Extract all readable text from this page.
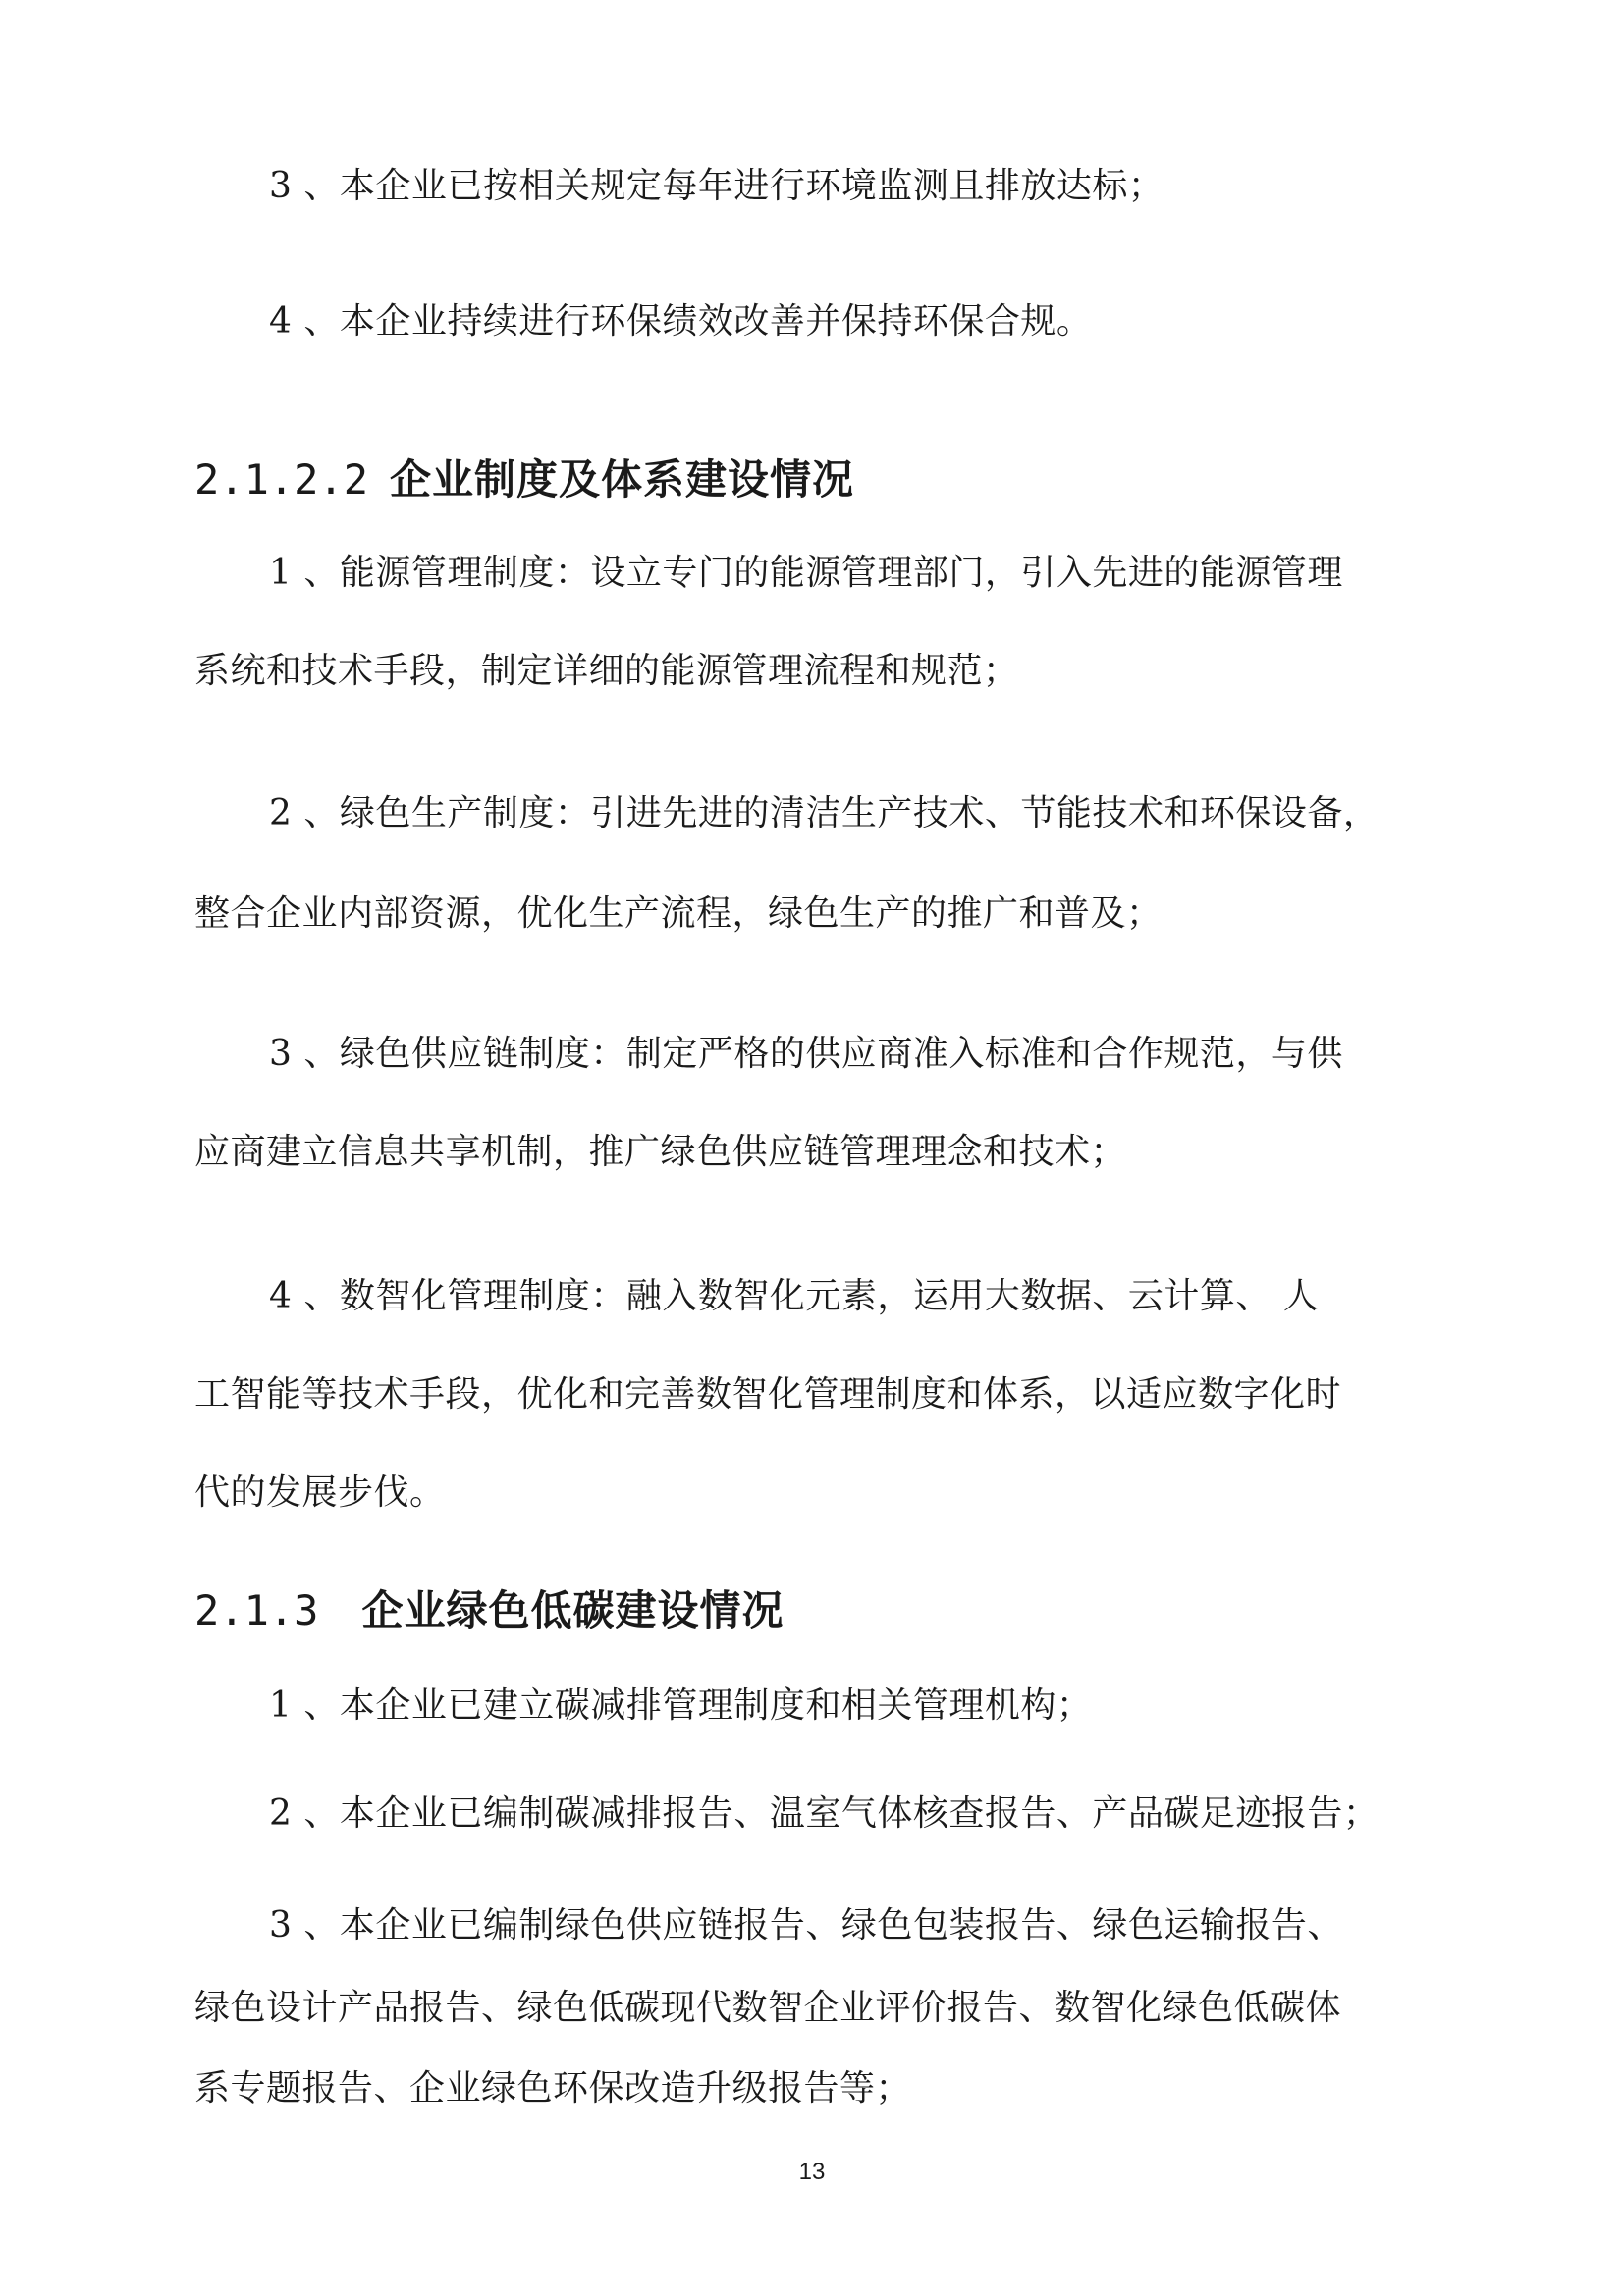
3 、本企业已按相关规定每年进行环境监测且排放达标；
4 、本企业持续进行环保绩效改善并保持环保合规。
2.1.2.2 企业制度及体系建设情况
1 、能源管理制度：设立专门的能源管理部门，引入先进的能源管理
系统和技术手段，制定详细的能源管理流程和规范；
2 、绿色生产制度：引进先进的清洁生产技术、节能技术和环保设备，
整合企业内部资源，优化生产流程，绿色生产的推广和普及；
3 、绿色供应链制度：制定严格的供应商准入标准和合作规范，与供
应商建立信息共享机制，推广绿色供应链管理理念和技术；
4 、数智化管理制度：融入数智化元素，运用大数据、云计算、 人
工智能等技术手段，优化和完善数智化管理制度和体系，以适应数字化时
代的发展步伐。
2.1.3 企业绿色低碳建设情况
1 、本企业已建立碳减排管理制度和相关管理机构；
2 、本企业已编制碳减排报告、温室气体核查报告、产品碳足迹报告；
3 、本企业已编制绿色供应链报告、绿色包装报告、绿色运输报告、
绿色设计产品报告、绿色低碳现代数智企业评价报告、数智化绿色低碳体
系专题报告、企业绿色环保改造升级报告等；
13
